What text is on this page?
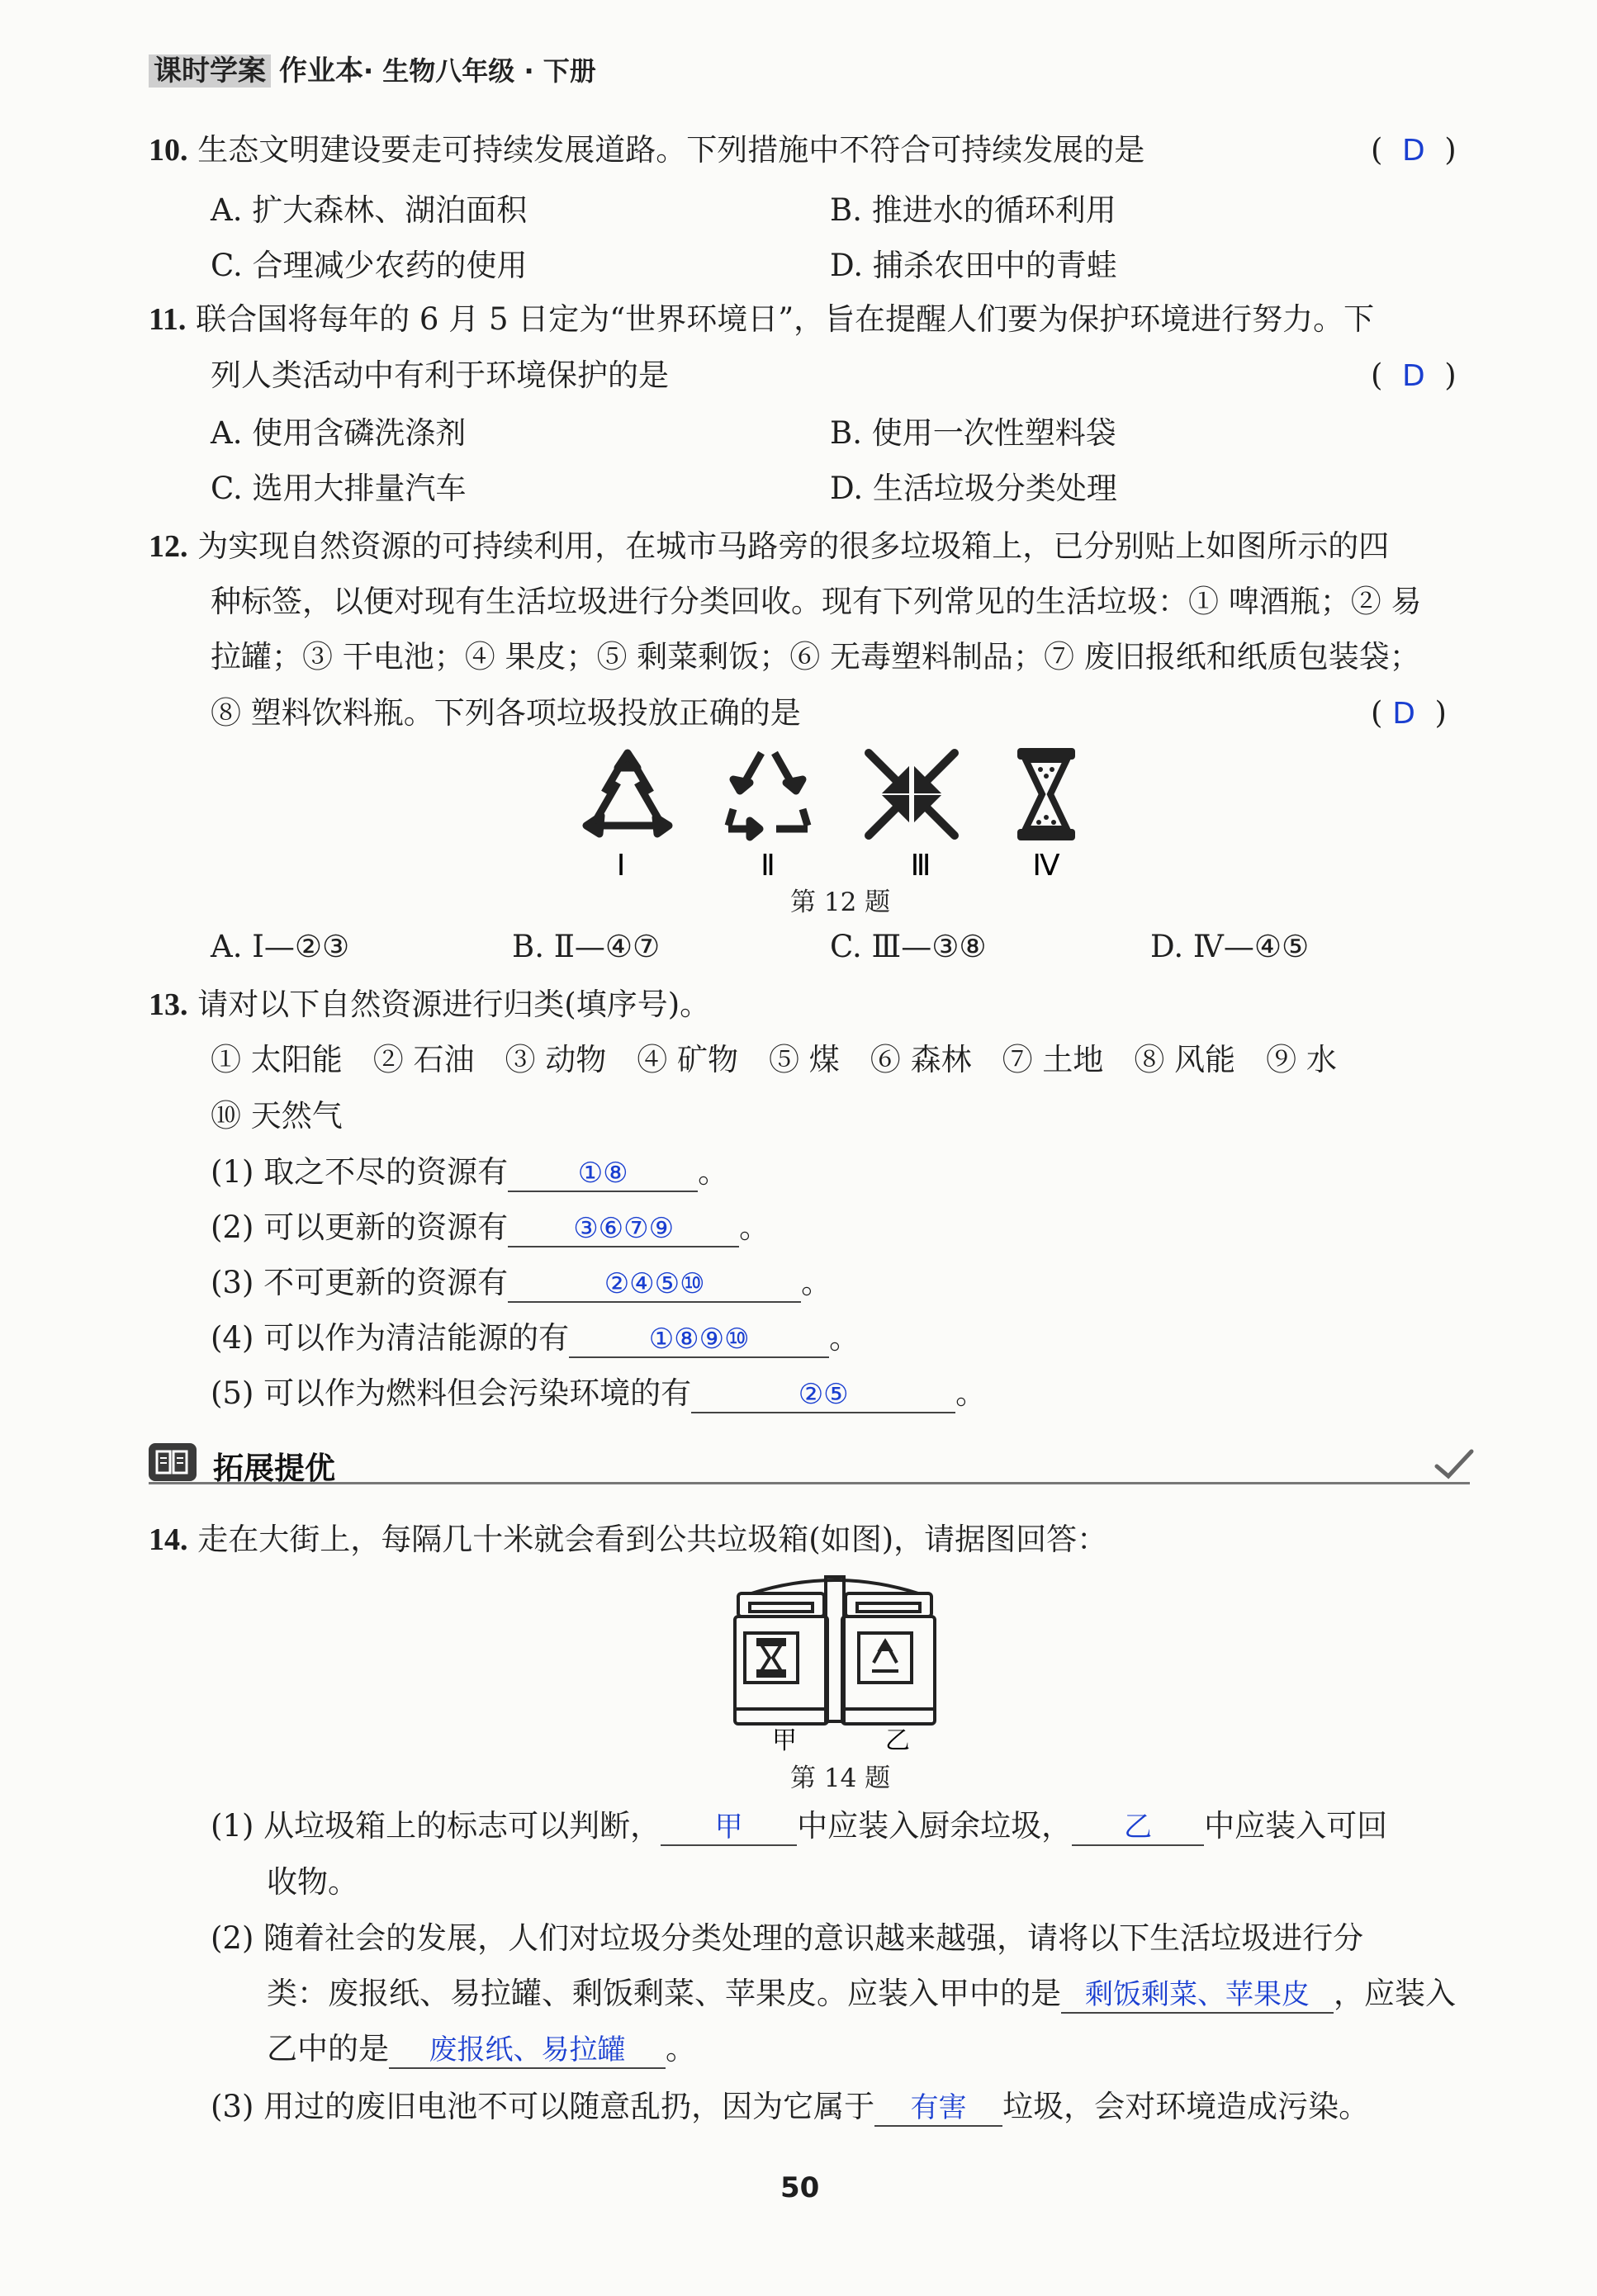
课时学案 作业本· 生物八年级 · 下册
10. 生态文明建设要走可持续发展道路。下列措施中不符合可持续发展的是	(  D  )
A. 扩大森林、湖泊面积	B. 推进水的循环利用
C. 合理减少农药的使用	D. 捕杀农田中的青蛙
11. 联合国将每年的 6 月 5 日定为“世界环境日”，旨在提醒人们要为保护环境进行努力。下
列人类活动中有利于环境保护的是	(  D  )
A. 使用含磷洗涤剂	B. 使用一次性塑料袋
C. 选用大排量汽车	D. 生活垃圾分类处理
12. 为实现自然资源的可持续利用，在城市马路旁的很多垃圾箱上，已分别贴上如图所示的四
种标签，以便对现有生活垃圾进行分类回收。现有下列常见的生活垃圾：① 啤酒瓶；② 易
拉罐；③ 干电池；④ 果皮；⑤ 剩菜剩饭；⑥ 无毒塑料制品；⑦ 废旧报纸和纸质包装袋；
⑧ 塑料饮料瓶。下列各项垃圾投放正确的是	( D  )
Ⅰ	Ⅱ	Ⅲ	Ⅳ
第 12 题
A. Ⅰ—②③	B. Ⅱ—④⑦	C. Ⅲ—③⑧	D. Ⅳ—④⑤
13. 请对以下自然资源进行归类(填序号)。
① 太阳能　② 石油　③ 动物　④ 矿物　⑤ 煤　⑥ 森林　⑦ 土地　⑧ 风能　⑨ 水
⑩ 天然气
(1) 取之不尽的资源有 ①⑧ 。
(2) 可以更新的资源有 ③⑥⑦⑨ 。
(3) 不可更新的资源有	②④⑤⑩	。
(4) 可以作为清洁能源的有	①⑧⑨⑩	。
(5) 可以作为燃料但会污染环境的有	②⑤	。
拓展提优
14. 走在大街上，每隔几十米就会看到公共垃圾箱(如图)，请据图回答：
甲	乙
第 14 题
(1) 从垃圾箱上的标志可以判断， 甲 中应装入厨余垃圾， 乙 中应装入可回
收物。
(2) 随着社会的发展，人们对垃圾分类处理的意识越来越强，请将以下生活垃圾进行分
类：废报纸、易拉罐、剩饭剩菜、苹果皮。应装入甲中的是 剩饭剩菜、苹果皮 ，应装入
乙中的是 废报纸、易拉罐 。
(3) 用过的废旧电池不可以随意乱扔，因为它属于 有害 垃圾，会对环境造成污染。
50
